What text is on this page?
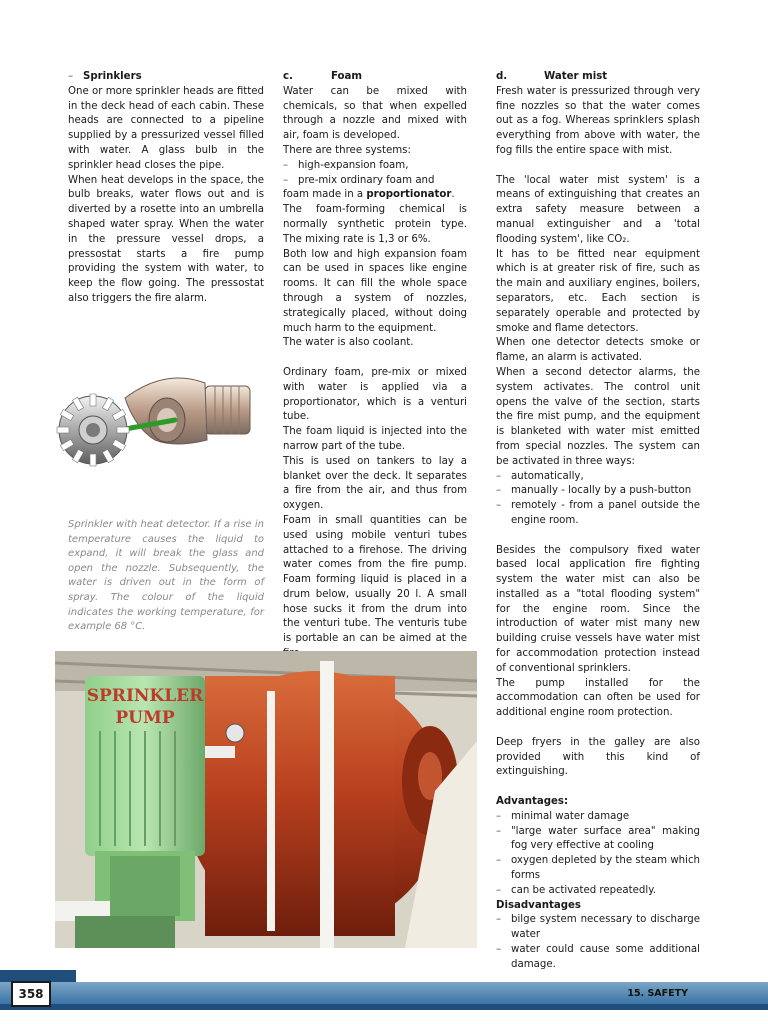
– Sprinklers

One or more sprinkler heads are fitted in the deck head of each cabin. These heads are connected to a pipeline supplied by a pressurized vessel filled with water. A glass bulb in the sprinkler head closes the pipe.

When heat develops in the space, the bulb breaks, water flows out and is diverted by a rosette into an umbrella shaped water spray. When the water in the pressure vessel drops, a pressostat starts a fire pump providing the system with water, to keep the flow going. The pressostat also triggers the fire alarm.

Sprinkler with heat detector. If a rise in temperature causes the liquid to expand, it will break the glass and open the nozzle. Subsequently, the water is driven out in the form of spray. The colour of the liquid indicates the working temperature, for example 68 °C.

c.	Foam

Water can be mixed with chemicals, so that when expelled through a nozzle and mixed with air, foam is developed.

There are three systems:

– high-expansion foam,

– pre-mix ordinary foam and

foam made in a proportionator.

The foam-forming chemical is normally synthetic protein type. The mixing rate is 1,3 or 6%.

Both low and high expansion foam can be used in spaces like engine rooms. It can fill the whole space through a system of nozzles, strategically placed, without doing much harm to the equipment.

The water is also coolant.

Ordinary foam, pre-mix or mixed with water is applied via a proportionator, which is a venturi tube.

The foam liquid is injected into the narrow part of the tube.

This is used on tankers to lay a blanket over the deck. It separates a fire from the air, and thus from oxygen.

Foam in small quantities can be used using mobile venturi tubes attached to a firehose. The driving water comes from the fire pump. Foam forming liquid is placed in a drum below, usually 20 l. A small hose sucks it from the drum into the venturi tube. The venturis tube is portable an can be aimed at the

d.	Water mist

Fresh water is pressurized through very fine nozzles so that the water comes out as a fog. Whereas sprinklers splash everything from above with water, the fog fills the entire space with mist.

The 'local water mist system' is a means of extinguishing that creates an extra safety measure between a manual extinguisher and a 'total flooding system', like CO₂.

It has to be fitted near equipment which is at greater risk of fire, such as the main and auxiliary engines, boilers, separators, etc. Each section is separately operable and protected by smoke and flame detectors.

When one detector detects smoke or flame, an alarm is activated.

When a second detector alarms, the system activates. The control unit opens the valve of the section, starts the fire mist pump, and the equipment is blanketed with water mist emitted from special nozzles. The system can be activated in three ways:

– automatically,

– manually - locally by a push-button

– remotely - from a panel outside the engine room.

Besides the compulsory fixed water based local application fire fighting system the water mist can also be installed as a "total flooding system" for the engine room. Since the introduction of water mist many new building cruise vessels have water mist for accommodation protection instead of conventional sprinklers.

The pump installed for the accommodation can often be used for additional engine room protection.

Deep fryers in the galley are also provided with this kind of extinguishing.

Advantages:

– minimal water damage

– "large water surface area" making fog very effective at cooling

– oxygen depleted by the steam which forms

– can be activated repeatedly.

Disadvantages

– bilge system necessary to discharge water

– water could cause some additional damage.

SPRINKLER
PUMP
358	15. SAFETY
